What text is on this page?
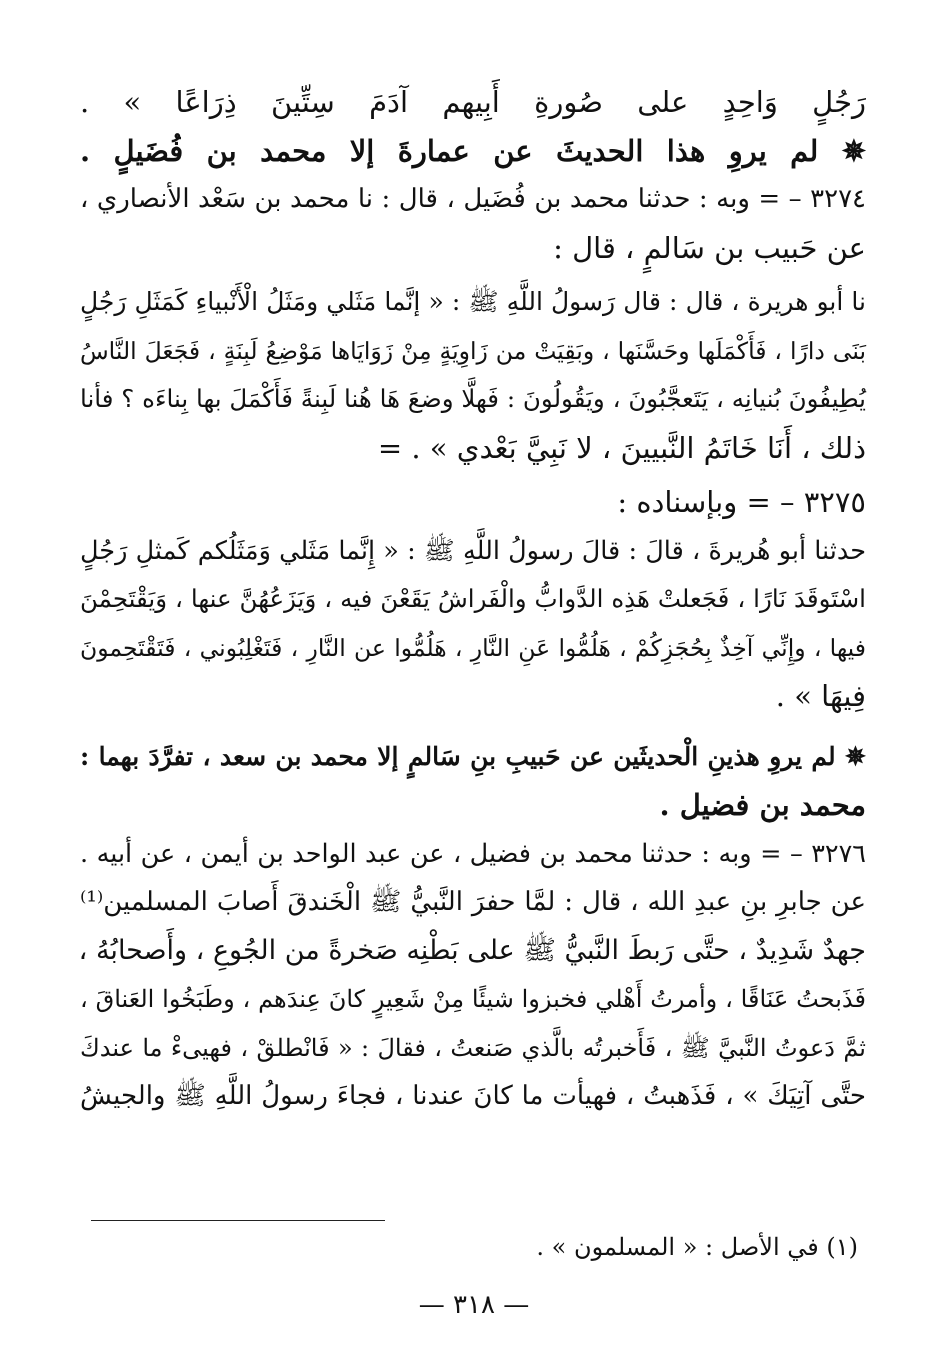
رَجُلٍ وَاحِدٍ على صُورةِ أَبِيهم آدَمَ سِتِّينَ ذِرَاعًا » .
✵ لم يروِ هذا الحديثَ عن عمارةَ إلا محمد بن فُضَيلٍ .
٣٢٧٤ – = وبه : حدثنا محمد بن فُضَيل ، قال : نا محمد بن سَعْد الأنصاري ،
عن حَبيب بن سَالمٍ ، قال :
نا أبو هريرة ، قال : قال رَسولُ اللَّهِ ﷺ : « إنَّما مَثَلي ومَثَلُ الْأَنْبياءِ كَمَثَلِ رَجُلٍ
بَنَى دارًا ، فَأَكْمَلَها وحَسَّنَها ، وبَقِيَتْ من زَاوِيَةٍ مِنْ زَوَايَاها مَوْضِعُ لَبِنَةٍ ، فَجَعَلَ النَّاسُ
يُطِيفُونَ بُنيانِه ، يَتَعجَّبُونَ ، ويَقُولُونَ : فَهلَّا وضعَ هَا هُنا لَبِنةً فَأَكْمَلَ بها بِناءَه ؟ فأنا
ذلك ، أَنَا خَاتَمُ النَّبيينَ ، لا نَبِيَّ بَعْدي » . =
٣٢٧٥ – = وبإسناده :
حدثنا أبو هُريرةَ ، قالَ : قالَ رسولُ اللَّهِ ﷺ : « إِنَّما مَثَلي وَمَثَلُكم كَمثلِ رَجُلٍ
اسْتَوقَدَ نَارًا ، فَجَعلتْ هَذِه الدَّوابُّ والْفَراشُ يَقَعْنَ فيه ، وَيَزَعُهُنَّ عنها ، وَيَقْتَحِمْنَ
فيها ، وإِنِّي آخِذٌ بِحُجَزِكُمْ ، هَلُمُّوا عَنِ النَّارِ ، هَلُمُّوا عن النَّارِ ، فَتَغْلِبُوني ، فَتَقْتَحِمونَ
فِيهَا » .
✵ لم يروِ هذينِ الْحديثَين عن حَبيبِ بنِ سَالمٍ إلا محمد بن سعد ، تفرَّدَ بهما :
محمد بن فضيل .
٣٢٧٦ – = وبه : حدثنا محمد بن فضيل ، عن عبد الواحد بن أيمن ، عن أبيه .
عن جابرِ بنِ عبدِ الله ، قال : لمَّا حفرَ النَّبيُّ ﷺ الْخَندقَ أَصابَ المسلمين⁽¹⁾
جهدٌ شَدِيدٌ ، حتَّى رَبطَ النَّبيُّ ﷺ على بَطْنِه صَخرةً من الجُوعِ ، وأَصحابُهُ ،
فَذَبحتُ عَنَاقًا ، وأمرتُ أَهْلي فخبزوا شيئًا مِنْ شَعِيرٍ كانَ عِندَهم ، وطَبَخُوا العَناقَ ،
ثمَّ دَعوتُ النَّبيَّ ﷺ ، فَأَخبرتُه بالَّذي صَنعتُ ، فقالَ : « فَانْطلقْ ، فهيىءْ ما عندكَ
حتَّى آتِيَكَ » ، فَذَهبتُ ، فهيأت ما كانَ عندنا ، فجاءَ رسولُ اللَّهِ ﷺ والجيشُ
(١) في الأصل : « المسلمون » .
— ٣١٨ —
